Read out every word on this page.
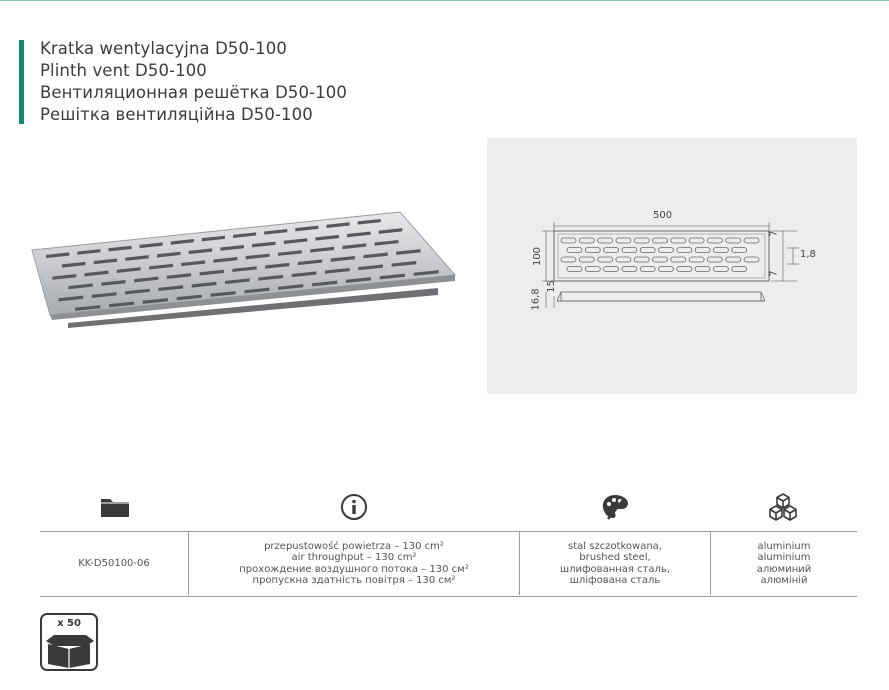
Kratka wentylacyjna D50-100
Plinth vent D50-100
Вентиляционная решётка D50-100
Решітка вентиляційна D50-100
500
100
7
1,8
7
16,8
15
KK-D50100-06
przepustowość powietrza – 130 cm²
air throughput – 130 cm²
прохождение воздушного потока – 130 см²
пропускна здатність повітря – 130 см²
stal szczotkowana,
brushed steel,
шлифованная сталь,
шліфована сталь
aluminium
aluminium
алюминий
алюміній
x 50
